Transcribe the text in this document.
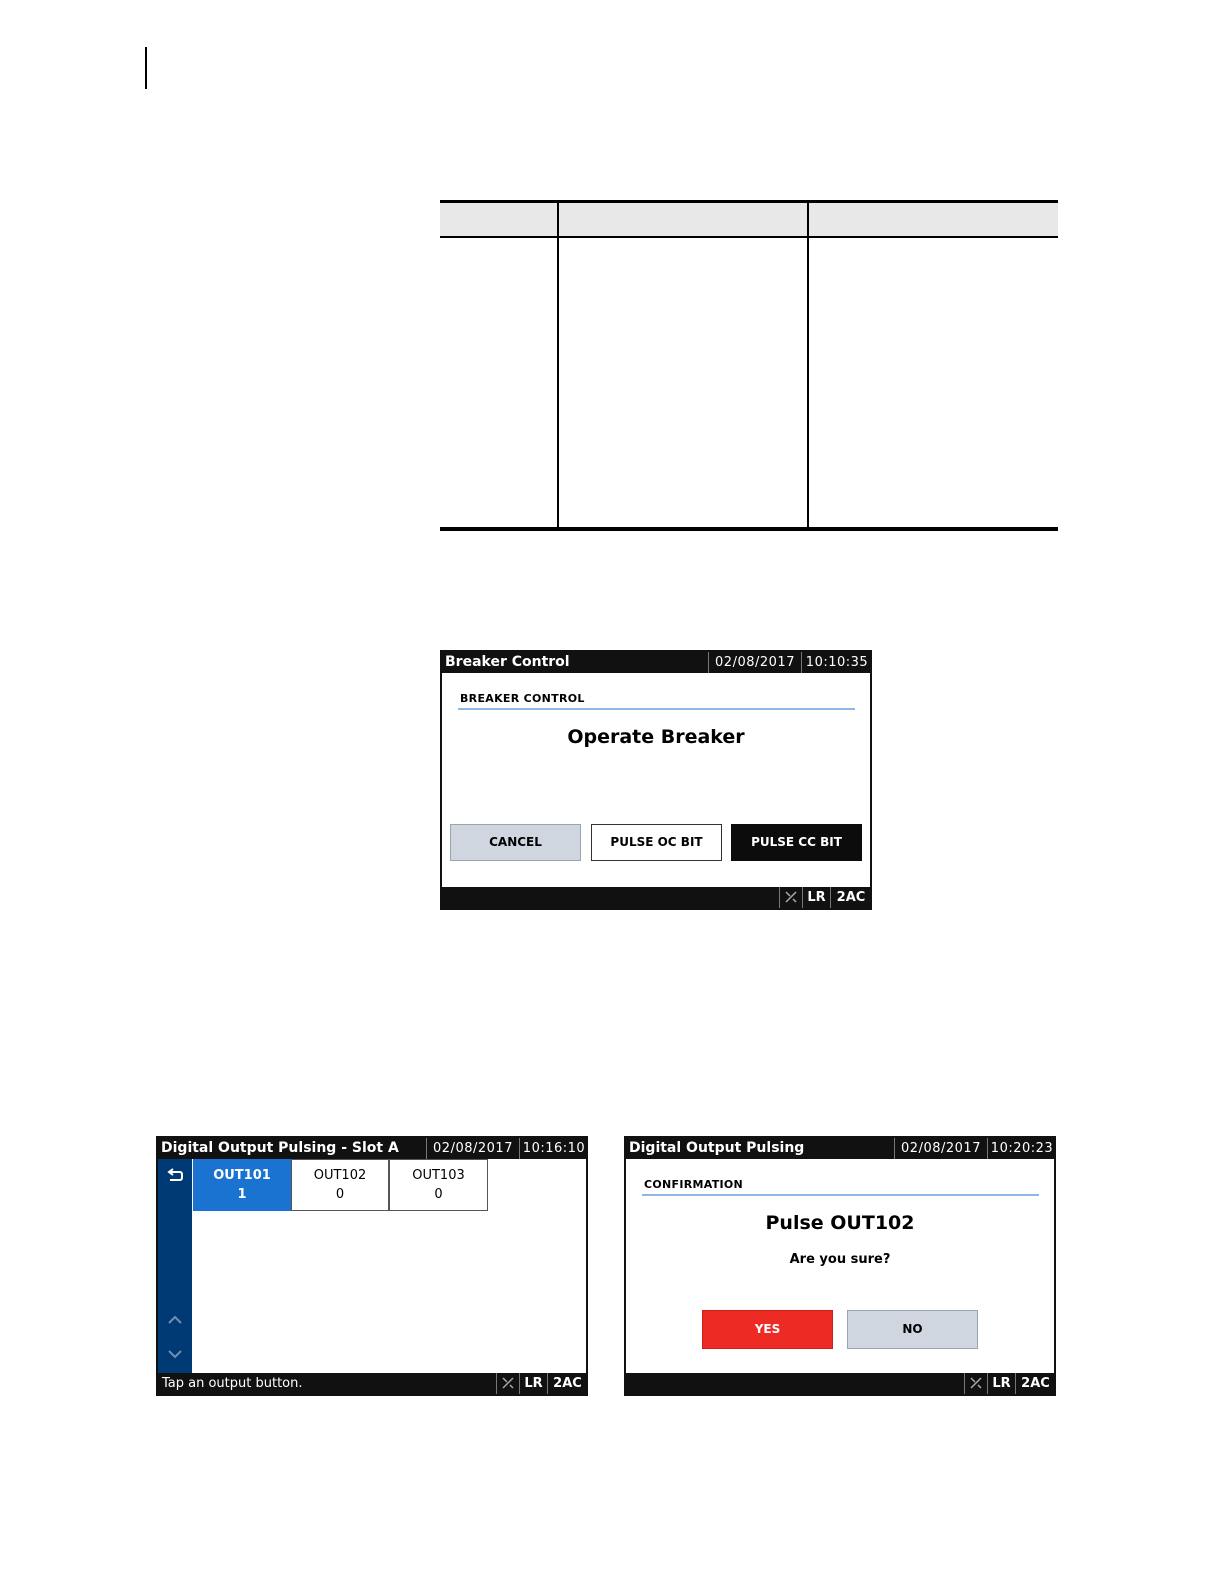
Breaker Control	02/08/2017 10:10:35
BREAKER CONTROL
Operate Breaker
CANCEL	PULSE OC BIT	PULSE CC BIT
LR 2AC
Digital Output Pulsing - Slot A	02/08/2017 10:16:10
OUT101
1
OUT102
0
OUT103
0
Tap an output button.	LR 2AC
Digital Output Pulsing	02/08/2017 10:20:23
CONFIRMATION
Pulse OUT102
Are you sure?
YES	NO
LR 2AC
